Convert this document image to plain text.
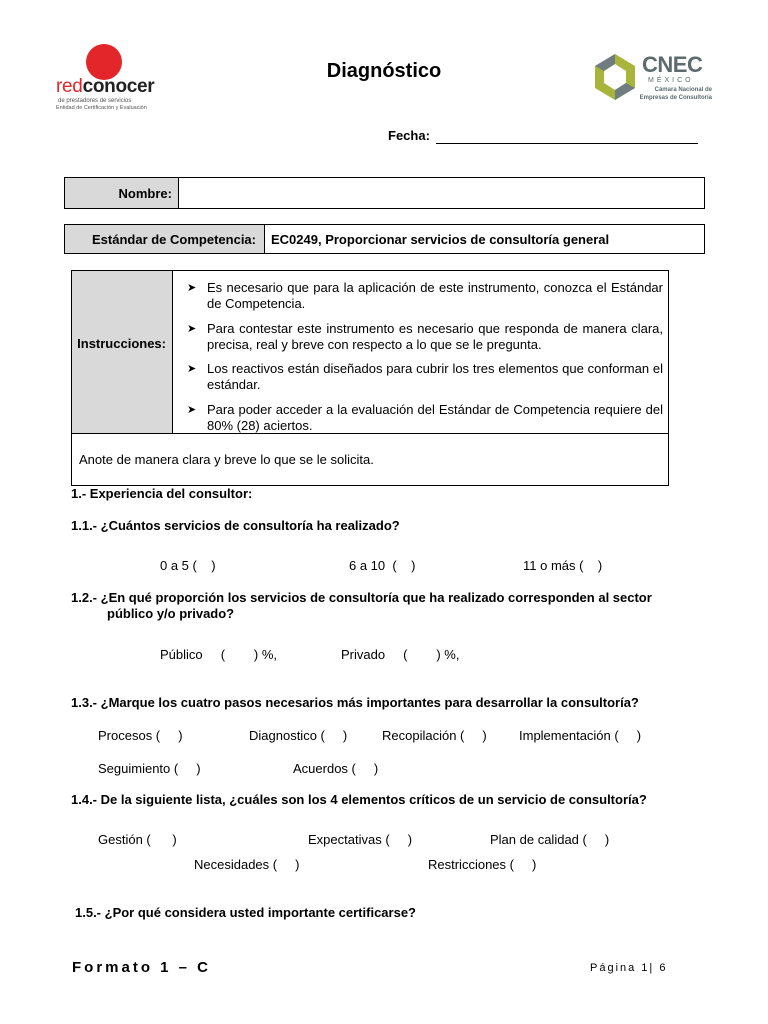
redconocer
de prestadores de servicios
Entidad de Certificación y Evaluación
Diagnóstico	CNEC
MÉXICO
Cámara Nacional de Empresas de Consultoría
Fecha:
Nombre:	
Estándar de Competencia:	EC0249, Proporcionar servicios de consultoría general
Instrucciones:
➤ Es necesario que para la aplicación de este instrumento, conozca el Estándar de Competencia.
➤ Para contestar este instrumento es necesario que responda de manera clara, precisa, real y breve con respecto a lo que se le pregunta.
➤ Los reactivos están diseñados para cubrir los tres elementos que conforman el estándar.
➤ Para poder acceder a la evaluación del Estándar de Competencia requiere del 80% (28) aciertos.
Anote de manera clara y breve lo que se le solicita.
1.- Experiencia del consultor:
1.1.- ¿Cuántos servicios de consultoría ha realizado?
0 a 5 (    )	6 a 10  (    )	11 o más (    )
1.2.- ¿En qué proporción los servicios de consultoría que ha realizado corresponden al sector
público y/o privado?
Público     (        ) %,	Privado     (        ) %,
1.3.- ¿Marque los cuatro pasos necesarios más importantes para desarrollar la consultoría?
Procesos (     )	Diagnostico (     )	Recopilación (     ) Implementación (     )
Seguimiento (     )	Acuerdos (     )
1.4.- De la siguiente lista, ¿cuáles son los 4 elementos críticos de un servicio de consultoría?
Gestión (      )	Expectativas (     )	Plan de calidad (     )
Necesidades (     )	Restricciones (     )
1.5.- ¿Por qué considera usted importante certificarse?
Formato 1 – C	Página 1| 6
